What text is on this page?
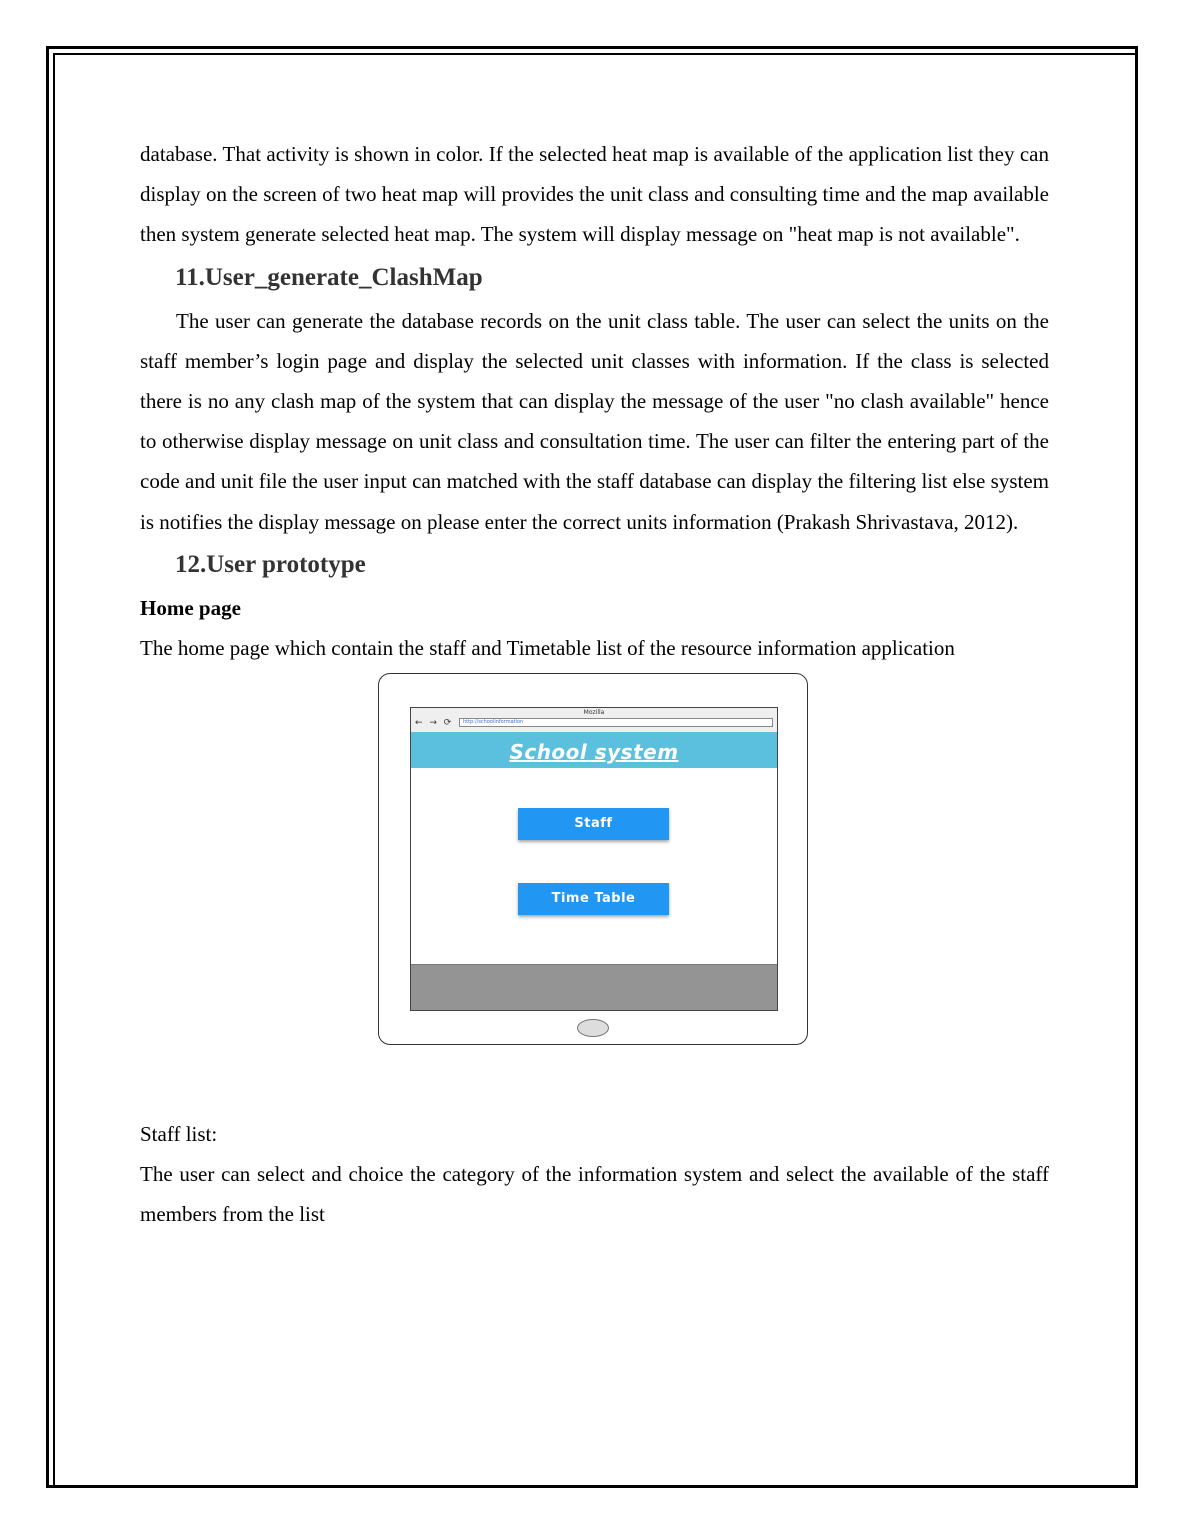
database. That activity is shown in color. If the selected heat map is available of the application list they can display on the screen of two heat map will provides the unit class and consulting time and the map available then system generate selected heat map. The system will display message on "heat map is not available".

11.User_generate_ClashMap

The user can generate the database records on the unit class table. The user can select the units on the staff member’s login page and display the selected unit classes with information. If the class is selected there is no any clash map of the system that can display the message of the user "no clash available" hence to otherwise display message on unit class and consultation time. The user can filter the entering part of the code and unit file the user input can matched with the staff database can display the filtering list else system is notifies the display message on please enter the correct units information (Prakash Shrivastava, 2012).

12.User prototype

Home page

The home page which contain the staff and Timetable list of the resource information application

Mozilla
← → ⟳	http://schoolinformation
School system
Staff
Time Table

Staff list:

The user can select and choice the category of the information system and select the available of the staff members from the list
